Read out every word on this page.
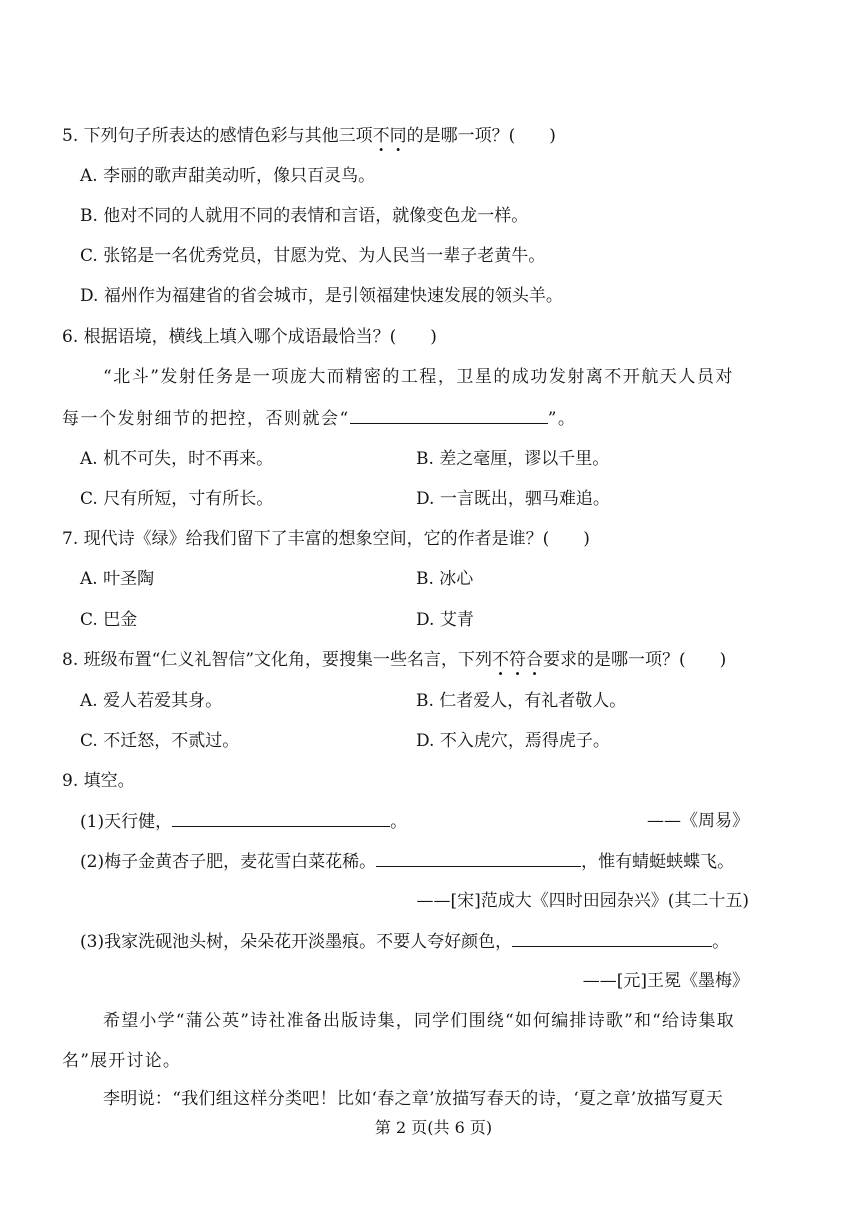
5. 下列句子所表达的感情色彩与其他三项不同的是哪一项？(　　)
A. 李丽的歌声甜美动听，像只百灵鸟。
B. 他对不同的人就用不同的表情和言语，就像变色龙一样。
C. 张铭是一名优秀党员，甘愿为党、为人民当一辈子老黄牛。
D. 福州作为福建省的省会城市，是引领福建快速发展的领头羊。
6. 根据语境，横线上填入哪个成语最恰当？(　　)
“北斗”发射任务是一项庞大而精密的工程，卫星的成功发射离不开航天人员对
每一个发射细节的把控，否则就会“	”。
A. 机不可失，时不再来。	B. 差之毫厘，谬以千里。
C. 尺有所短，寸有所长。	D. 一言既出，驷马难追。
7. 现代诗《绿》给我们留下了丰富的想象空间，它的作者是谁？(　　)
A. 叶圣陶	B. 冰心
C. 巴金	D. 艾青
8. 班级布置“仁义礼智信”文化角，要搜集一些名言，下列不符合要求的是哪一项？(　　)
A. 爱人若爱其身。	B. 仁者爱人，有礼者敬人。
C. 不迁怒，不贰过。	D. 不入虎穴，焉得虎子。
9. 填空。
(1)天行健，	。	——《周易》
(2)梅子金黄杏子肥，麦花雪白菜花稀。	，惟有蜻蜓蛱蝶飞。
——[宋]范成大《四时田园杂兴》(其二十五)
(3)我家洗砚池头树，朵朵花开淡墨痕。不要人夸好颜色，	。
——[元]王冕《墨梅》
希望小学“蒲公英”诗社准备出版诗集，同学们围绕“如何编排诗歌”和“给诗集取
名”展开讨论。
李明说：“我们组这样分类吧！比如‘春之章’放描写春天的诗，‘夏之章’放描写夏天
第 2 页(共 6 页)
